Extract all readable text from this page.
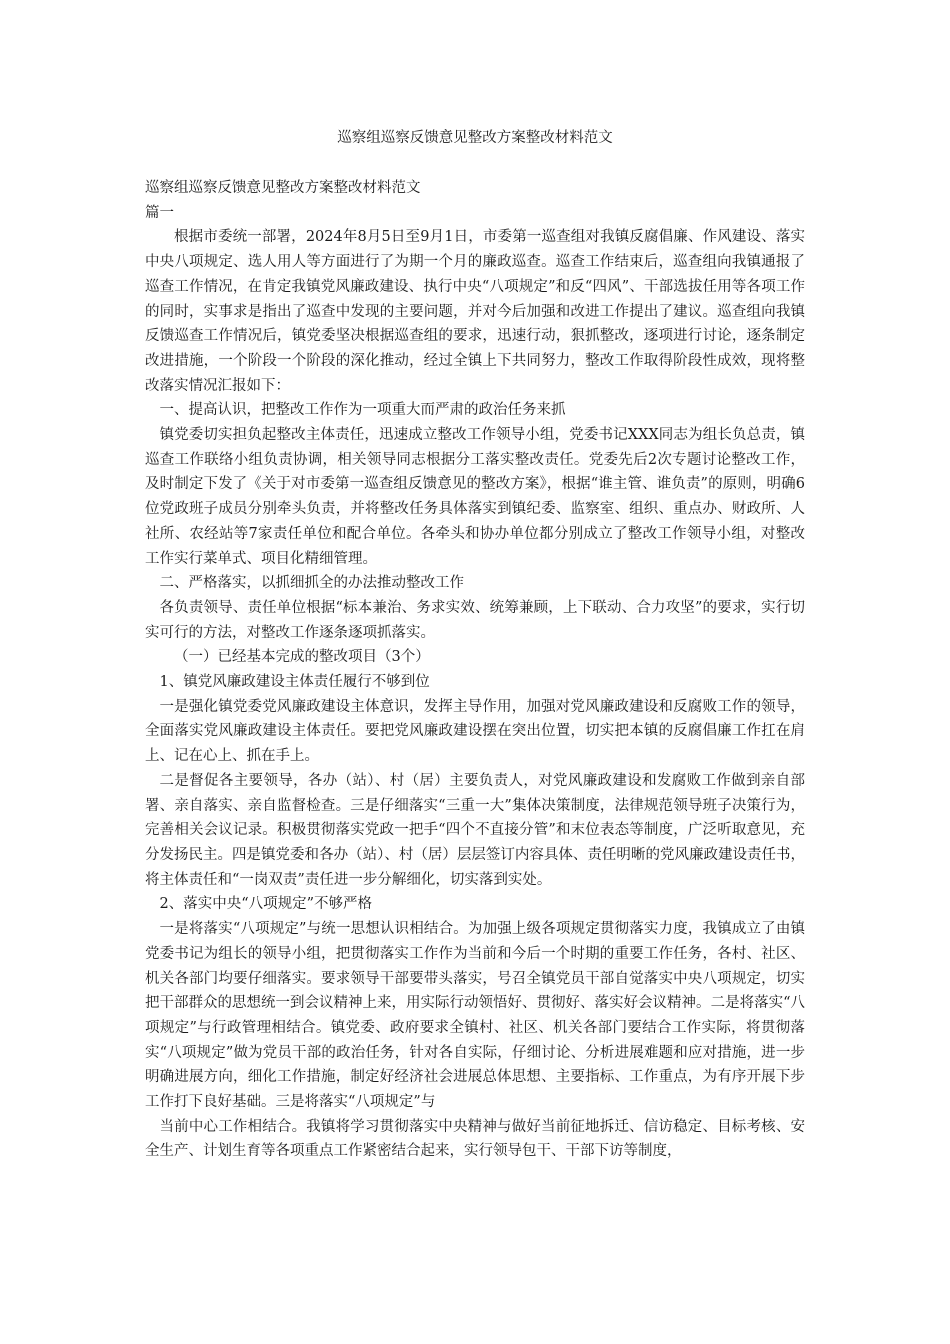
巡察组巡察反馈意见整改方案整改材料范文

巡察组巡察反馈意见整改方案整改材料范文

篇一

根据市委统一部署，2024年8月5日至9月1日，市委第一巡查组对我镇反腐倡廉、作风建设、落实中央八项规定、选人用人等方面进行了为期一个月的廉政巡查。巡查工作结束后，巡查组向我镇通报了巡查工作情况，在肯定我镇党风廉政建设、执行中央“八项规定”和反“四风”、干部选拔任用等各项工作的同时，实事求是指出了巡查中发现的主要问题，并对今后加强和改进工作提出了建议。巡查组向我镇反馈巡查工作情况后，镇党委坚决根据巡查组的要求，迅速行动，狠抓整改，逐项进行讨论，逐条制定改进措施，一个阶段一个阶段的深化推动，经过全镇上下共同努力，整改工作取得阶段性成效，现将整改落实情况汇报如下：

一、提高认识，把整改工作作为一项重大而严肃的政治任务来抓

镇党委切实担负起整改主体责任，迅速成立整改工作领导小组，党委书记XXX同志为组长负总责，镇巡查工作联络小组负责协调，相关领导同志根据分工落实整改责任。党委先后2次专题讨论整改工作，及时制定下发了《关于对市委第一巡查组反馈意见的整改方案》，根据“谁主管、谁负责”的原则，明确6位党政班子成员分别牵头负责，并将整改任务具体落实到镇纪委、监察室、组织、重点办、财政所、人社所、农经站等7家责任单位和配合单位。各牵头和协办单位都分别成立了整改工作领导小组，对整改工作实行菜单式、项目化精细管理。

二、严格落实，以抓细抓全的办法推动整改工作

各负责领导、责任单位根据“标本兼治、务求实效、统筹兼顾，上下联动、合力攻坚”的要求，实行切实可行的方法，对整改工作逐条逐项抓落实。

（一）已经基本完成的整改项目（3个）

1、镇党风廉政建设主体责任履行不够到位

一是强化镇党委党风廉政建设主体意识，发挥主导作用，加强对党风廉政建设和反腐败工作的领导，全面落实党风廉政建设主体责任。要把党风廉政建设摆在突出位置，切实把本镇的反腐倡廉工作扛在肩上、记在心上、抓在手上。

二是督促各主要领导，各办（站）、村（居）主要负责人，对党风廉政建设和发腐败工作做到亲自部署、亲自落实、亲自监督检查。三是仔细落实“三重一大”集体决策制度，法律规范领导班子决策行为，完善相关会议记录。积极贯彻落实党政一把手“四个不直接分管”和末位表态等制度，广泛听取意见，充分发扬民主。四是镇党委和各办（站）、村（居）层层签订内容具体、责任明晰的党风廉政建设责任书，将主体责任和“一岗双责”责任进一步分解细化，切实落到实处。

2、落实中央“八项规定”不够严格

一是将落实“八项规定”与统一思想认识相结合。为加强上级各项规定贯彻落实力度，我镇成立了由镇党委书记为组长的领导小组，把贯彻落实工作作为当前和今后一个时期的重要工作任务，各村、社区、机关各部门均要仔细落实。要求领导干部要带头落实，号召全镇党员干部自觉落实中央八项规定，切实把干部群众的思想统一到会议精神上来，用实际行动领悟好、贯彻好、落实好会议精神。二是将落实“八项规定”与行政管理相结合。镇党委、政府要求全镇村、社区、机关各部门要结合工作实际，将贯彻落实“八项规定”做为党员干部的政治任务，针对各自实际，仔细讨论、分析进展难题和应对措施，进一步明确进展方向，细化工作措施，制定好经济社会进展总体思想、主要指标、工作重点，为有序开展下步工作打下良好基础。三是将落实“八项规定”与

当前中心工作相结合。我镇将学习贯彻落实中央精神与做好当前征地拆迁、信访稳定、目标考核、安全生产、计划生育等各项重点工作紧密结合起来，实行领导包干、干部下访等制度，
